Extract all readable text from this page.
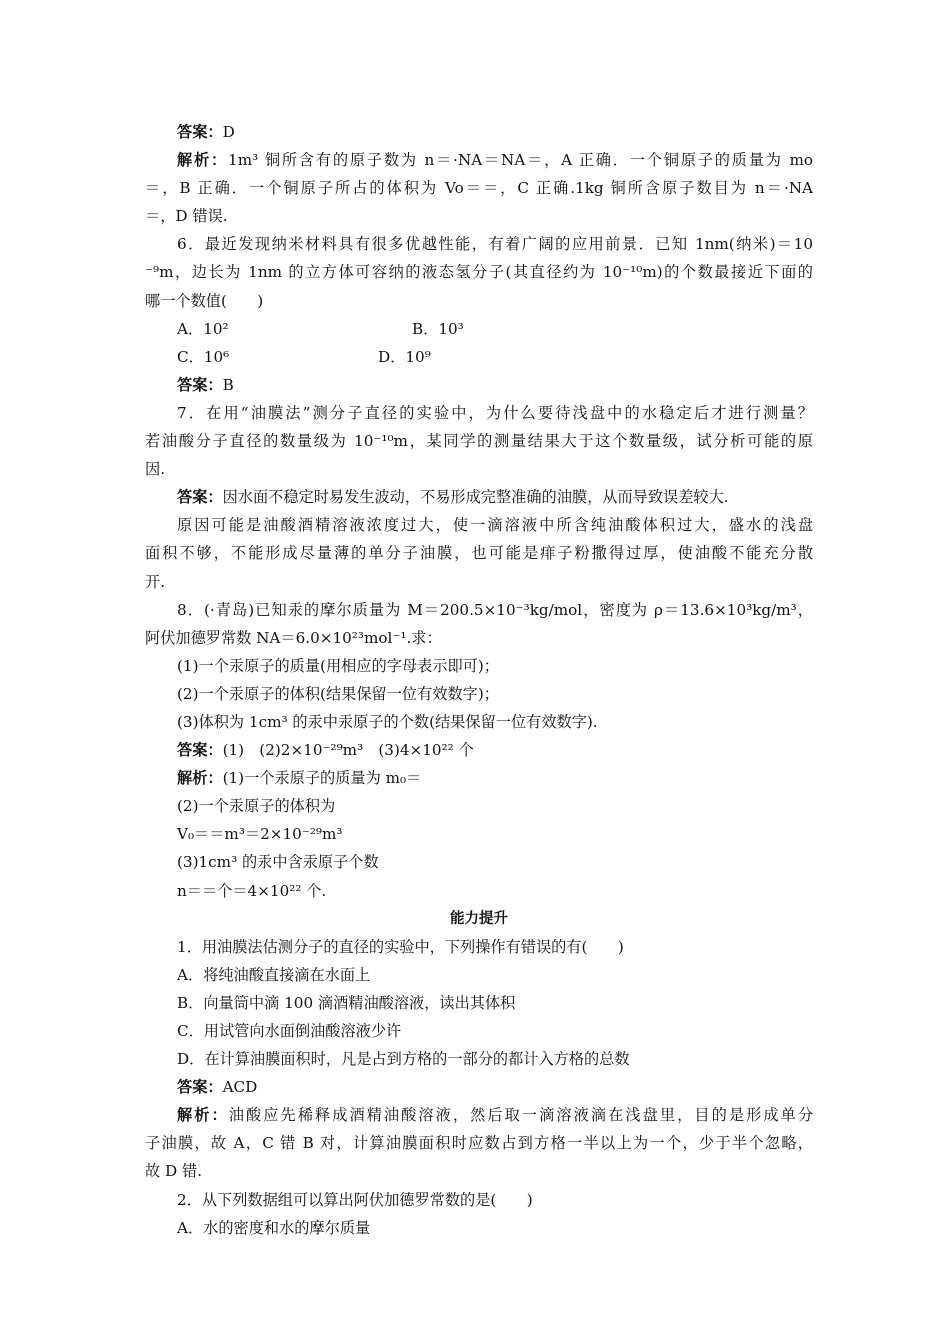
答案：D
解析：1m³ 铜所含有的原子数为 n＝·NA＝NA＝，A 正确．一个铜原子的质量为 mo
＝，B 正确．一个铜原子所占的体积为 Vo＝＝，C 正确.1kg 铜所含原子数目为 n＝·NA
＝，D 错误.
6．最近发现纳米材料具有很多优越性能，有着广阔的应用前景．已知 1nm(纳米)＝10
⁻⁹m，边长为 1nm 的立方体可容纳的液态氢分子(其直径约为 10⁻¹⁰m)的个数最接近下面的
哪一个数值(　　)
A．10²	B．10³
C．10⁶	D．10⁹
答案：B
7．在用“油膜法”测分子直径的实验中，为什么要待浅盘中的水稳定后才进行测量？
若油酸分子直径的数量级为 10⁻¹⁰m，某同学的测量结果大于这个数量级，试分析可能的原
因.
答案：因水面不稳定时易发生波动，不易形成完整准确的油膜，从而导致误差较大.
原因可能是油酸酒精溶液浓度过大，使一滴溶液中所含纯油酸体积过大，盛水的浅盘
面积不够，不能形成尽量薄的单分子油膜，也可能是痱子粉撒得过厚，使油酸不能充分散
开.
8．(·青岛)已知汞的摩尔质量为 M＝200.5×10⁻³kg/mol，密度为 ρ＝13.6×10³kg/m³，
阿伏加德罗常数 NA＝6.0×10²³mol⁻¹.求：
(1)一个汞原子的质量(用相应的字母表示即可)；
(2)一个汞原子的体积(结果保留一位有效数字)；
(3)体积为 1cm³ 的汞中汞原子的个数(结果保留一位有效数字).
答案：(1)　(2)2×10⁻²⁹m³　(3)4×10²² 个
解析：(1)一个汞原子的质量为 m₀＝
(2)一个汞原子的体积为
V₀＝＝m³＝2×10⁻²⁹m³
(3)1cm³ 的汞中含汞原子个数
n＝＝个＝4×10²² 个.
能力提升
1．用油膜法估测分子的直径的实验中，下列操作有错误的有(　　)
A．将纯油酸直接滴在水面上
B．向量筒中滴 100 滴酒精油酸溶液，读出其体积
C．用试管向水面倒油酸溶液少许
D．在计算油膜面积时，凡是占到方格的一部分的都计入方格的总数
答案：ACD
解析：油酸应先稀释成酒精油酸溶液，然后取一滴溶液滴在浅盘里，目的是形成单分
子油膜，故 A，C 错 B 对，计算油膜面积时应数占到方格一半以上为一个，少于半个忽略，
故 D 错.
2．从下列数据组可以算出阿伏加德罗常数的是(　　)
A．水的密度和水的摩尔质量
